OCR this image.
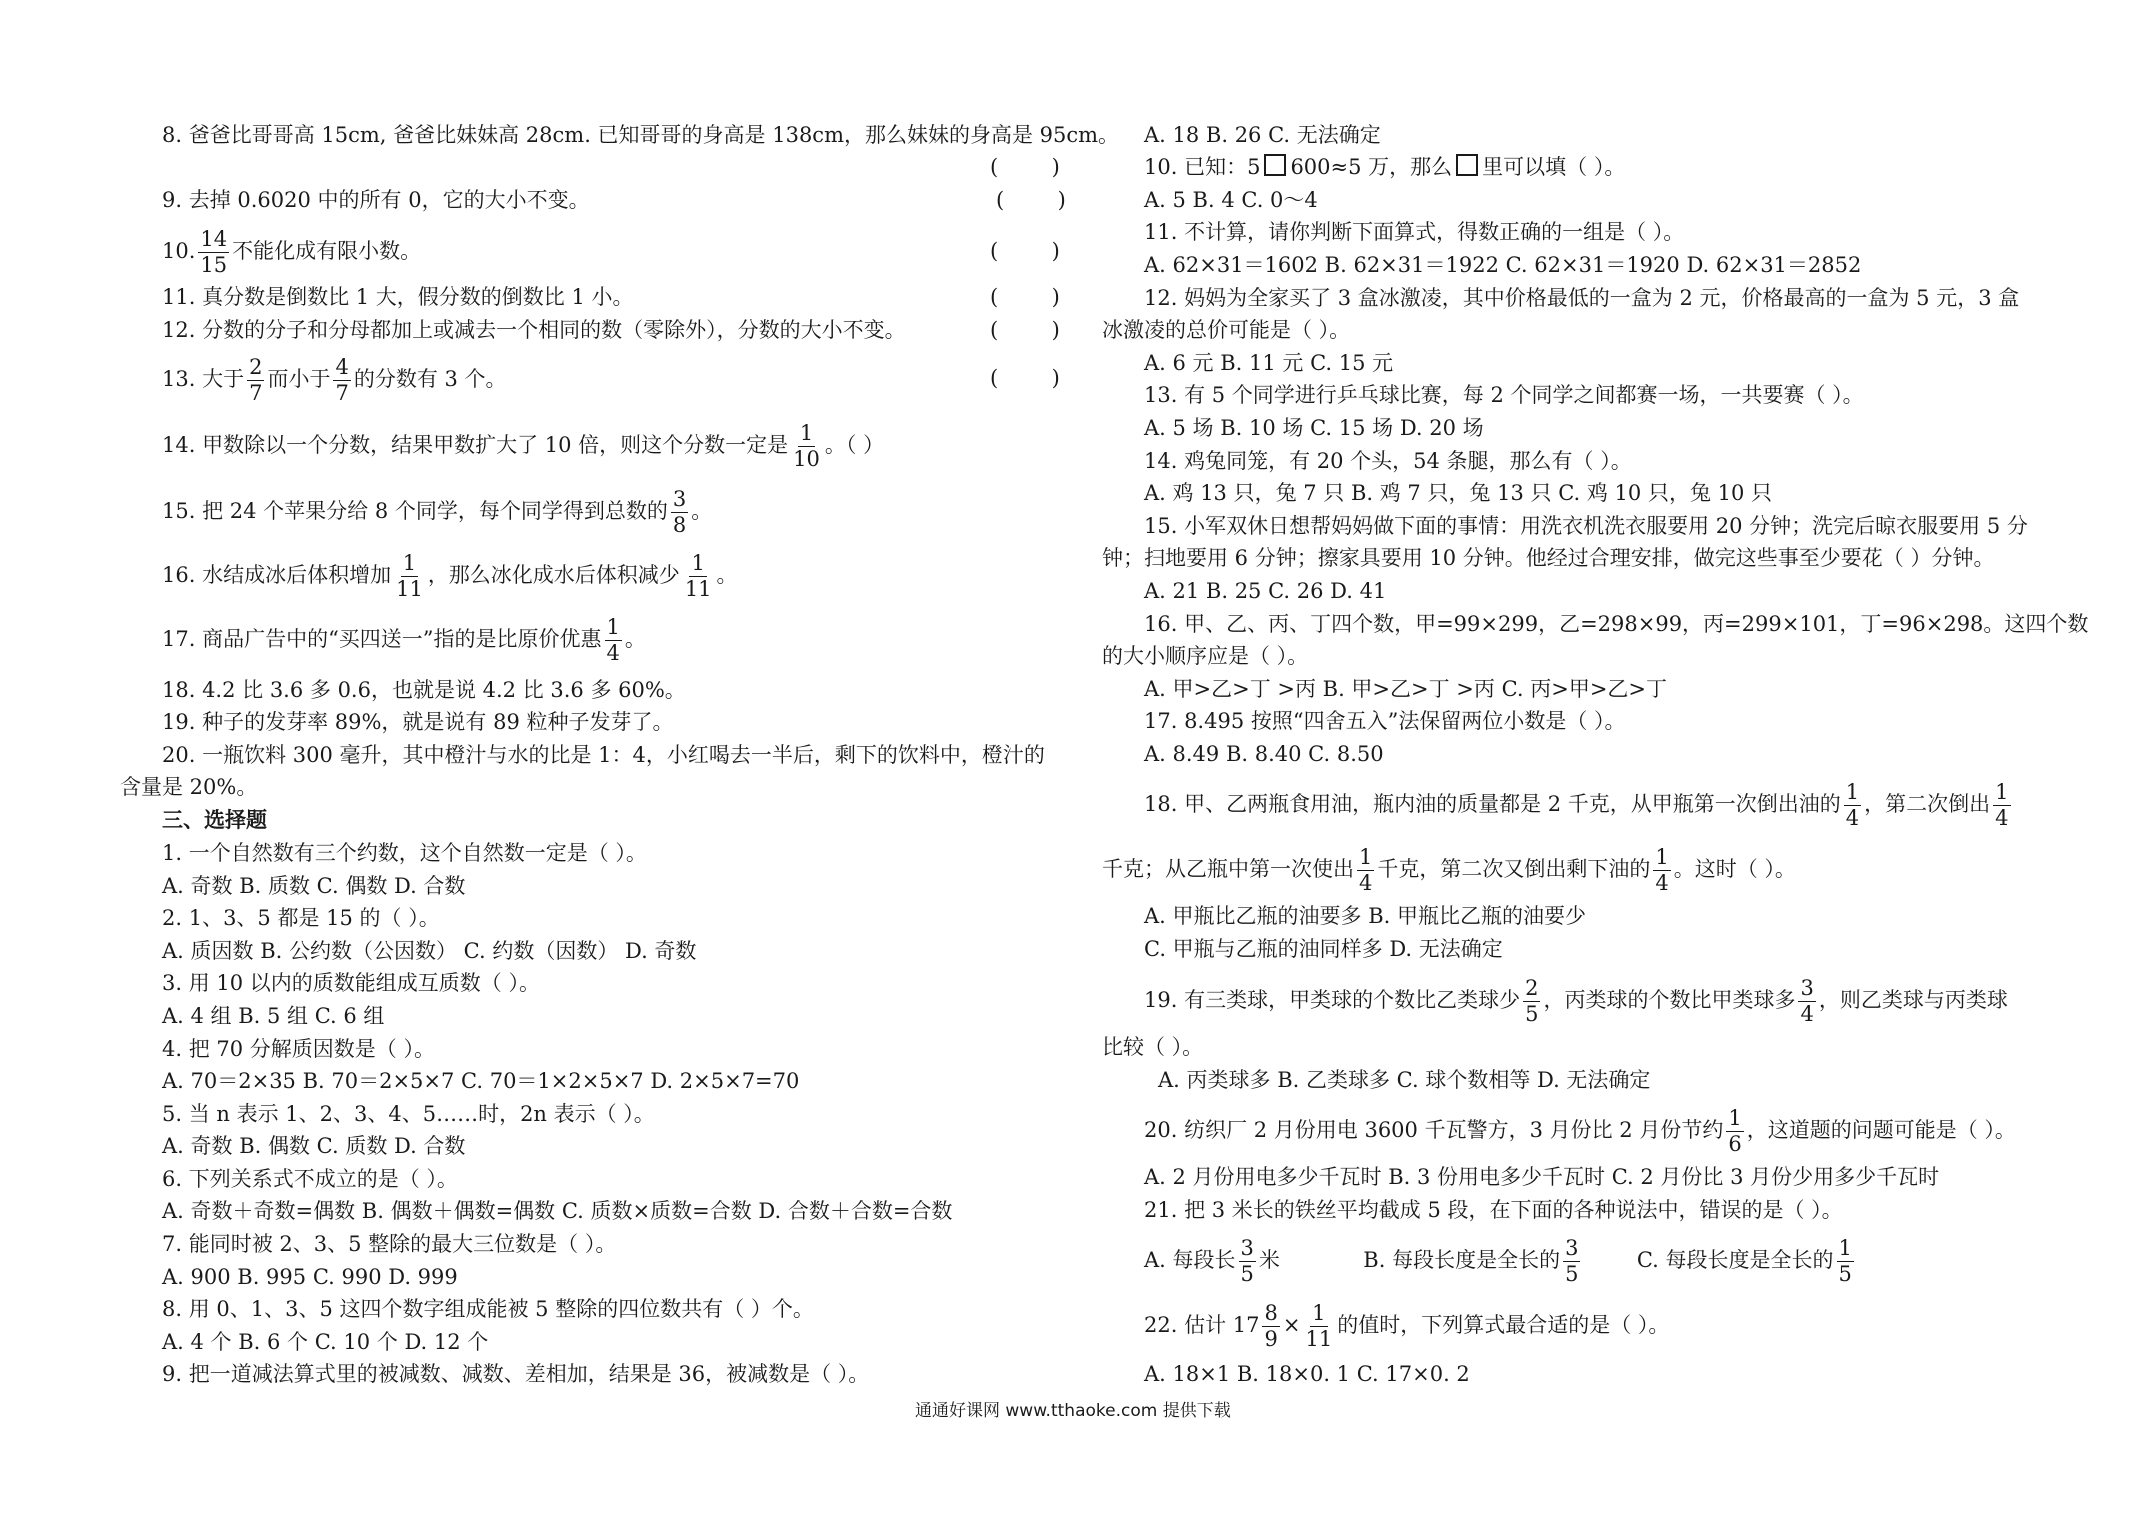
8. 爸爸比哥哥高 15cm, 爸爸比妹妹高 28cm. 已知哥哥的身高是 138cm，那么妹妹的身高是 95cm。
(        )
9. 去掉 0.6020 中的所有 0，它的大小不变。	(        )
10. $\frac{14}{15}$ 不能化成有限小数。	(        )
11. 真分数是倒数比 1 大，假分数的倒数比 1 小。	(        )
12. 分数的分子和分母都加上或减去一个相同的数（零除外），分数的大小不变。	(        )
13. 大于 $\frac{2}{7}$ 而小于 $\frac{4}{7}$ 的分数有 3 个。	(        )
14. 甲数除以一个分数，结果甲数扩大了 10 倍，则这个分数一定是 $\frac{1}{10}$ 。（ ）
15. 把 24 个苹果分给 8 个同学，每个同学得到总数的 $\frac{3}{8}$ 。
16. 水结成冰后体积增加 $\frac{1}{11}$ ，那么冰化成水后体积减少 $\frac{1}{11}$ 。
17. 商品广告中的“买四送一”指的是比原价优惠 $\frac{1}{4}$ 。
18. 4.2 比 3.6 多 0.6，也就是说 4.2 比 3.6 多 60%。
19. 种子的发芽率 89%，就是说有 89 粒种子发芽了。
20. 一瓶饮料 300 毫升，其中橙汁与水的比是 1：4，小红喝去一半后，剩下的饮料中，橙汁的
含量是 20%。
三、选择题
1. 一个自然数有三个约数，这个自然数一定是（ ）。
A. 奇数 B. 质数 C. 偶数 D. 合数
2. 1、3、5 都是 15 的（ ）。
A. 质因数 B. 公约数（公因数） C. 约数（因数） D. 奇数
3. 用 10 以内的质数能组成互质数（ ）。
A. 4 组 B. 5 组 C. 6 组
4. 把 70 分解质因数是（ ）。
A. 70＝2×35 B. 70＝2×5×7 C. 70＝1×2×5×7 D. 2×5×7=70
5. 当 n 表示 1、2、3、4、5……时，2n 表示（ ）。
A. 奇数 B. 偶数 C. 质数 D. 合数
6. 下列关系式不成立的是（ ）。
A. 奇数＋奇数=偶数 B. 偶数＋偶数=偶数 C. 质数×质数=合数 D. 合数＋合数=合数
7. 能同时被 2、3、5 整除的最大三位数是（ ）。
A. 900 B. 995 C. 990 D. 999
8. 用 0、1、3、5 这四个数字组成能被 5 整除的四位数共有（ ）个。
A. 4 个 B. 6 个 C. 10 个 D. 12 个
9. 把一道减法算式里的被减数、减数、差相加，结果是 36，被减数是（ ）。
A. 18 B. 26 C. 无法确定
10. 已知：5 600≈5 万，那么 里可以填（ ）。
A. 5 B. 4 C. 0～4
11. 不计算，请你判断下面算式，得数正确的一组是（ ）。
A. 62×31＝1602 B. 62×31＝1922 C. 62×31＝1920 D. 62×31＝2852
12. 妈妈为全家买了 3 盒冰激凌，其中价格最低的一盒为 2 元，价格最高的一盒为 5 元，3 盒
冰激凌的总价可能是（ ）。
A. 6 元 B. 11 元 C. 15 元
13. 有 5 个同学进行乒乓球比赛，每 2 个同学之间都赛一场，一共要赛（ ）。
A. 5 场 B. 10 场 C. 15 场 D. 20 场
14. 鸡兔同笼，有 20 个头，54 条腿，那么有（ ）。
A. 鸡 13 只，兔 7 只 B. 鸡 7 只，兔 13 只 C. 鸡 10 只，兔 10 只
15. 小军双休日想帮妈妈做下面的事情：用洗衣机洗衣服要用 20 分钟；洗完后晾衣服要用 5 分
钟；扫地要用 6 分钟；擦家具要用 10 分钟。他经过合理安排，做完这些事至少要花（ ）分钟。
A. 21 B. 25 C. 26 D. 41
16. 甲、乙、丙、丁四个数，甲=99×299，乙=298×99，丙=299×101，丁=96×298。这四个数
的大小顺序应是（ ）。
A. 甲>乙>丁 >丙 B. 甲>乙>丁 >丙 C. 丙>甲>乙>丁
17. 8.495 按照“四舍五入”法保留两位小数是（ ）。
A. 8.49 B. 8.40 C. 8.50
18. 甲、乙两瓶食用油，瓶内油的质量都是 2 千克，从甲瓶第一次倒出油的 $\frac{1}{4}$ ，第二次倒出 $\frac{1}{4}$
千克；从乙瓶中第一次使出 $\frac{1}{4}$ 千克，第二次又倒出剩下油的 $\frac{1}{4}$ 。这时（ ）。
A. 甲瓶比乙瓶的油要多 B. 甲瓶比乙瓶的油要少
C. 甲瓶与乙瓶的油同样多 D. 无法确定
19. 有三类球，甲类球的个数比乙类球少 $\frac{2}{5}$ ，丙类球的个数比甲类球多 $\frac{3}{4}$ ，则乙类球与丙类球
比较（ ）。
A. 丙类球多 B. 乙类球多 C. 球个数相等 D. 无法确定
20. 纺织厂 2 月份用电 3600 千瓦警方，3 月份比 2 月份节约 $\frac{1}{6}$ ，这道题的问题可能是（ ）。
A. 2 月份用电多少千瓦时 B. 3 份用电多少千瓦时 C. 2 月份比 3 月份少用多少千瓦时
21. 把 3 米长的铁丝平均截成 5 段，在下面的各种说法中，错误的是（ ）。
A. 每段长 $\frac{3}{5}$ 米	B. 每段长度是全长的 $\frac{3}{5}$	C. 每段长度是全长的 $\frac{1}{5}$
22. 估计 $17 \frac{8}{9} \times \frac{1}{11}$ 的值时，下列算式最合适的是（ ）。
A. 18×1 B. 18×0. 1 C. 17×0. 2
通通好课网 www.tthaoke.com 提供下载
